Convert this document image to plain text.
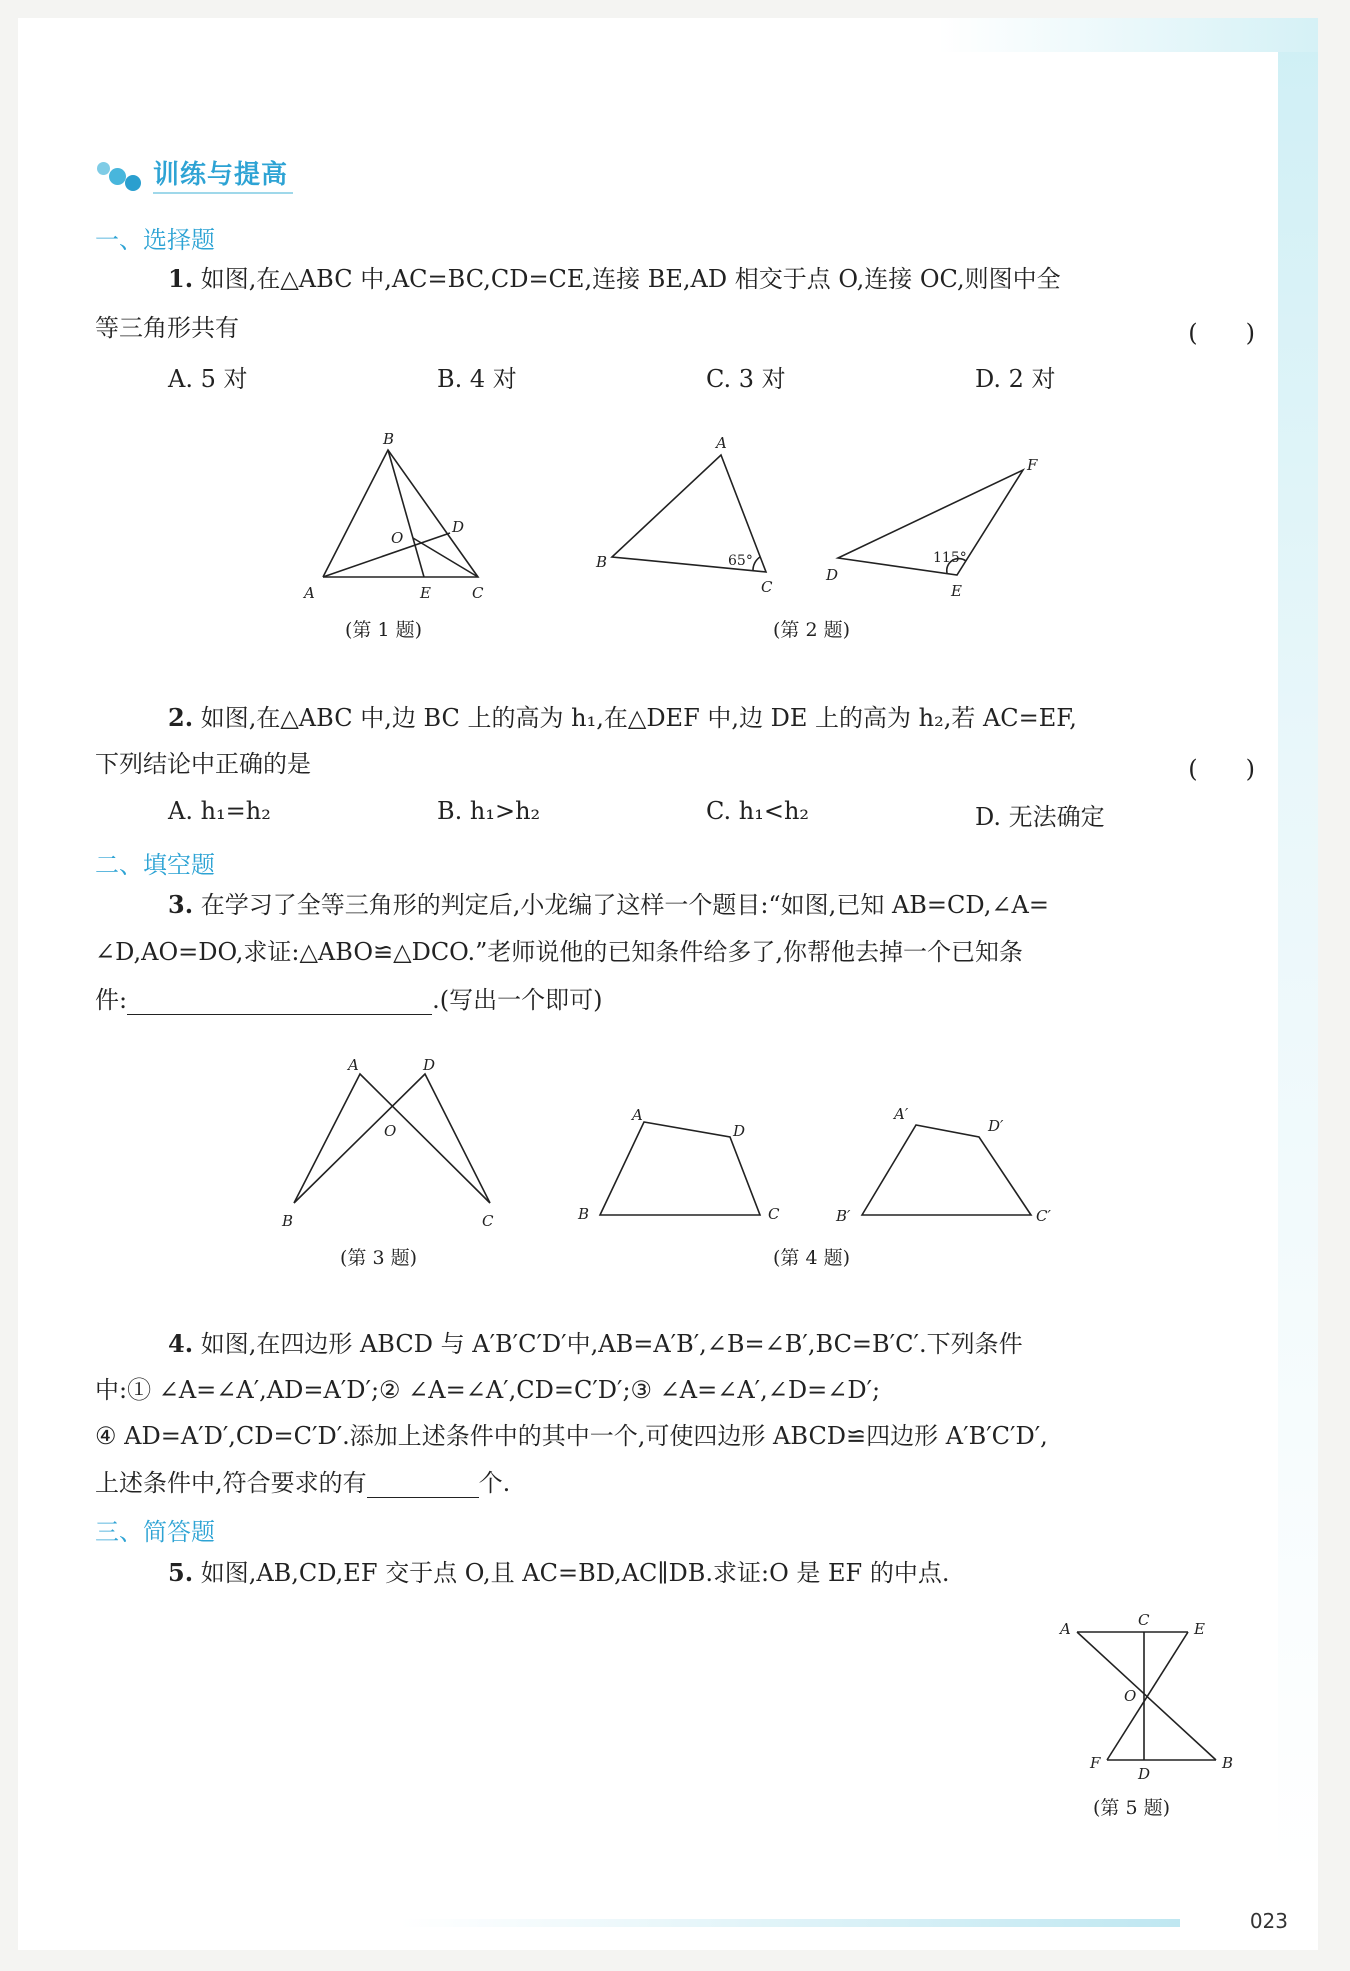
训练与提高
一、选择题
1. 如图,在△ABC 中,AC=BC,CD=CE,连接 BE,AD 相交于点 O,连接 OC,则图中全
等三角形共有	(　　)
A. 5 对	B. 4 对	C. 3 对	D. 2 对
B
A	E	C
D
O
(第 1 题)
A
B
C
65°
D
E
F
115°
(第 2 题)
2. 如图,在△ABC 中,边 BC 上的高为 h₁,在△DEF 中,边 DE 上的高为 h₂,若 AC=EF,
下列结论中正确的是	(　　)
A. h₁=h₂	B. h₁>h₂	C. h₁<h₂	D. 无法确定
二、填空题
3. 在学习了全等三角形的判定后,小龙编了这样一个题目:“如图,已知 AB=CD,∠A=
∠D,AO=DO,求证:△ABO≌△DCO.”老师说他的已知条件给多了,你帮他去掉一个已知条
件:	.(写出一个即可)
A	D
O
B	C
(第 3 题)
A
D
B	C
A′
D′
B′	C′
(第 4 题)
4. 如图,在四边形 ABCD 与 A′B′C′D′中,AB=A′B′,∠B=∠B′,BC=B′C′.下列条件
中:① ∠A=∠A′,AD=A′D′;② ∠A=∠A′,CD=C′D′;③ ∠A=∠A′,∠D=∠D′;
④ AD=A′D′,CD=C′D′.添加上述条件中的其中一个,可使四边形 ABCD≌四边形 A′B′C′D′,
上述条件中,符合要求的有	个.
三、简答题
5. 如图,AB,CD,EF 交于点 O,且 AC=BD,AC∥DB.求证:O 是 EF 的中点.
A	C	E
O
F
D
B
(第 5 题)
023
